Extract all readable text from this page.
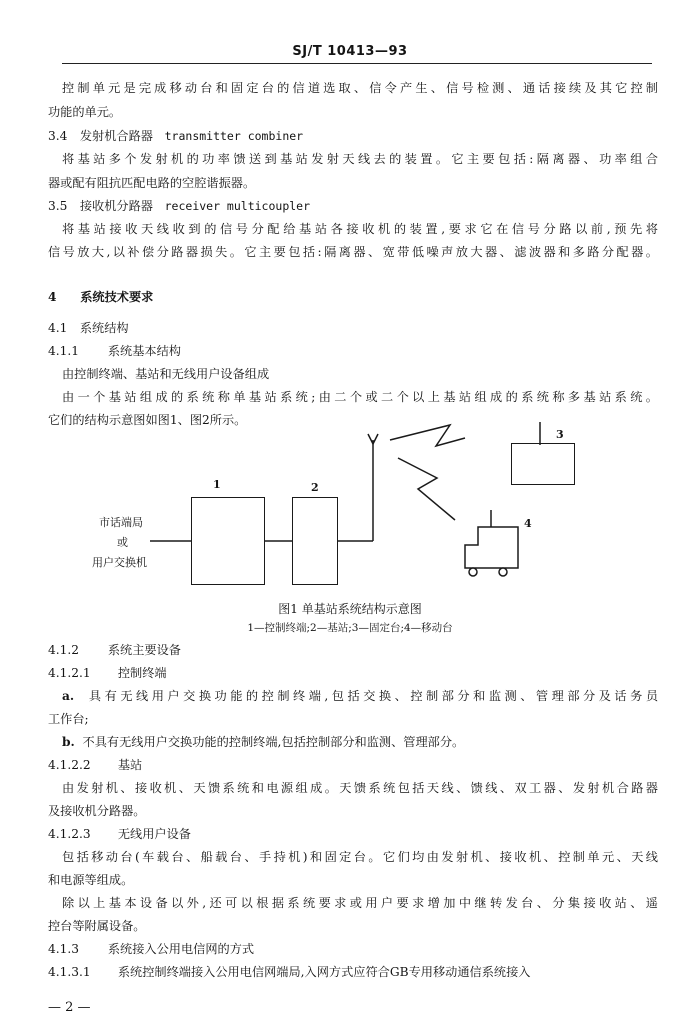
SJ/T 10413—93
控制单元是完成移动台和固定台的信道选取、信令产生、信号检测、通话接续及其它控制
功能的单元。
3.4 发射机合路器 transmitter combiner
将基站多个发射机的功率馈送到基站发射天线去的装置。它主要包括:隔离器、功率组合
器或配有阻抗匹配电路的空腔谐振器。
3.5 接收机分路器 receiver multicoupler
将基站接收天线收到的信号分配给基站各接收机的装置,要求它在信号分路以前,预先将
信号放大,以补偿分路器损失。它主要包括:隔离器、宽带低噪声放大器、滤波器和多路分配器。
4 系统技术要求
4.1 系统结构
4.1.1 系统基本结构
由控制终端、基站和无线用户设备组成
由一个基站组成的系统称单基站系统;由二个或二个以上基站组成的系统称多基站系统。
它们的结构示意图如图1、图2所示。
1	2
3
4
市话端局
或
用户交换机
图1 单基站系统结构示意图
1—控制终端;2—基站;3—固定台;4—移动台
4.1.2 系统主要设备
4.1.2.1 控制终端
a. 具有无线用户交换功能的控制终端,包括交换、控制部分和监测、管理部分及话务员
工作台;
b. 不具有无线用户交换功能的控制终端,包括控制部分和监测、管理部分。
4.1.2.2 基站
由发射机、接收机、天馈系统和电源组成。天馈系统包括天线、馈线、双工器、发射机合路器
及接收机分路器。
4.1.2.3 无线用户设备
包括移动台(车载台、船载台、手持机)和固定台。它们均由发射机、接收机、控制单元、天线
和电源等组成。
除以上基本设备以外,还可以根据系统要求或用户要求增加中继转发台、分集接收站、遥
控台等附属设备。
4.1.3 系统接入公用电信网的方式
4.1.3.1 系统控制终端接入公用电信网端局,入网方式应符合GB专用移动通信系统接入
— 2 —
